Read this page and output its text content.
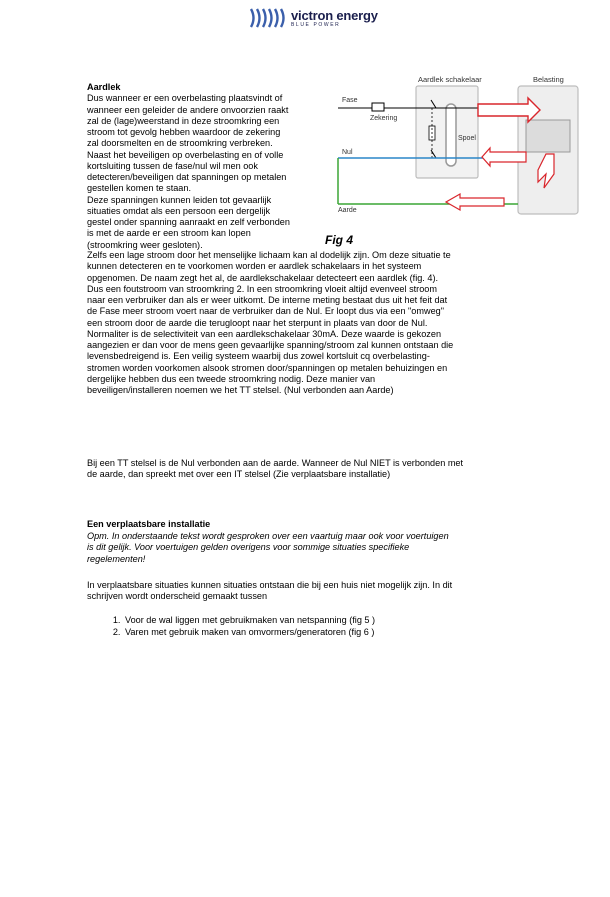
victron energy
BLUE POWER
Aardlek
Dus wanneer er een overbelasting plaatsvindt of
wanneer een geleider de andere onvoorzien raakt
zal de (lage)weerstand in deze stroomkring een
stroom tot gevolg hebben waardoor de zekering
zal doorsmelten en de stroomkring verbreken.
Naast het beveiligen op overbelasting en of volle
kortsluiting tussen de fase/nul wil men ook
detecteren/beveiligen dat spanningen op metalen
gestellen komen te staan.
Deze spanningen kunnen leiden tot gevaarlijk
situaties omdat als een persoon een dergelijk
gestel onder spanning aanraakt en zelf verbonden
is met de aarde er een stroom kan lopen
(stroomkring weer gesloten).
Aardlek schakelaar	Belasting
Spoel
Fase
Zekering
Nul
Aarde

Fig 4

Zelfs een lage stroom door het menselijke lichaam kan al dodelijk zijn. Om deze situatie te
kunnen detecteren en te voorkomen worden er aardlek schakelaars in het systeem
opgenomen. De naam zegt het al, de aardlekschakelaar detecteert een aardlek (fig. 4).
Dus een foutstroom van stroomkring 2. In een stroomkring vloeit altijd evenveel stroom
naar een verbruiker dan als er weer uitkomt. De interne meting bestaat dus uit het feit dat
de Fase meer stroom voert naar de verbruiker dan de Nul. Er loopt dus via een "omweg"
een stroom door de aarde die terugloopt naar het sterpunt in plaats van door de Nul.
Normaliter is de selectiviteit van een aardlekschakelaar 30mA. Deze waarde is gekozen
aangezien er dan voor de mens geen gevaarlijke spanning/stroom zal kunnen ontstaan die
levensbedreigend is. Een veilig systeem waarbij dus zowel kortsluit cq overbelasting-
stromen worden voorkomen alsook stromen door/spanningen op metalen behuizingen en
dergelijke hebben dus een tweede stroomkring nodig. Deze manier van
beveiligen/installeren noemen we het TT stelsel. (Nul verbonden aan Aarde)

Bij een TT stelsel is de Nul verbonden aan de aarde. Wanneer de Nul NIET is verbonden met
de aarde, dan spreekt met over een IT stelsel (Zie verplaatsbare installatie)

Een verplaatsbare installatie

Opm. In onderstaande tekst wordt gesproken over een vaartuig maar ook voor voertuigen
is dit gelijk. Voor voertuigen gelden overigens voor sommige situaties specifieke
regelementen!

In verplaatsbare situaties kunnen situaties ontstaan die bij een huis niet mogelijk zijn. In dit
schrijven wordt onderscheid gemaakt tussen

1. Voor de wal liggen met gebruikmaken van netspanning (fig 5 )
2. Varen met gebruik maken van omvormers/generatoren (fig 6 )
